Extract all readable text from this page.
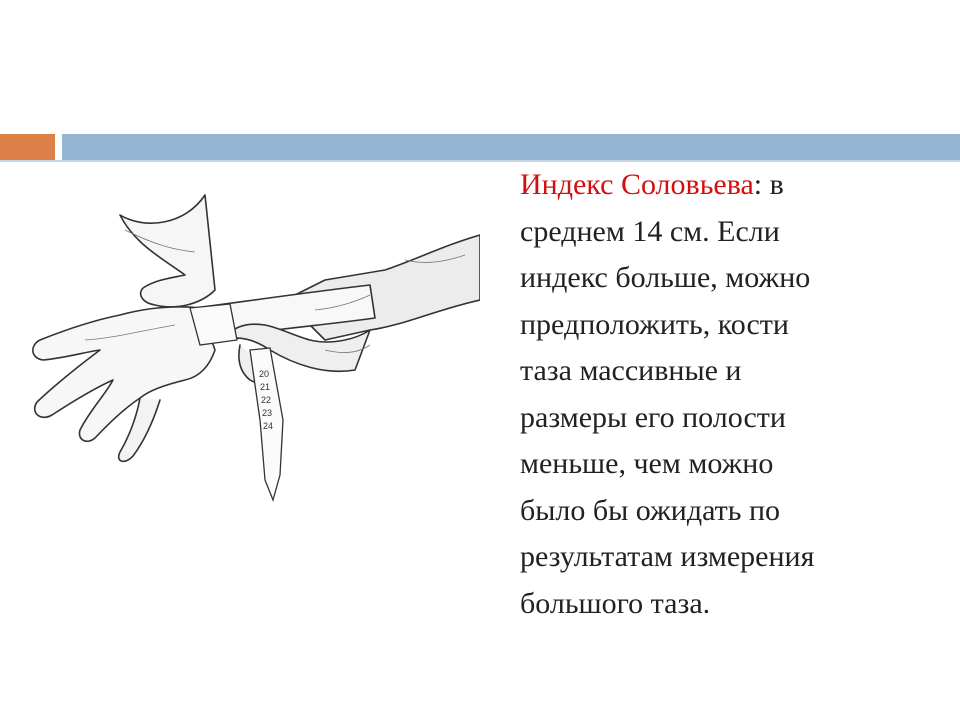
20
21
22
23
24

Индекс Соловьева: в
среднем 14 см. Если
индекс больше, можно
предположить, кости
таза массивные и
размеры его полости
меньше, чем можно
было бы ожидать по
результатам измерения
большого таза.
